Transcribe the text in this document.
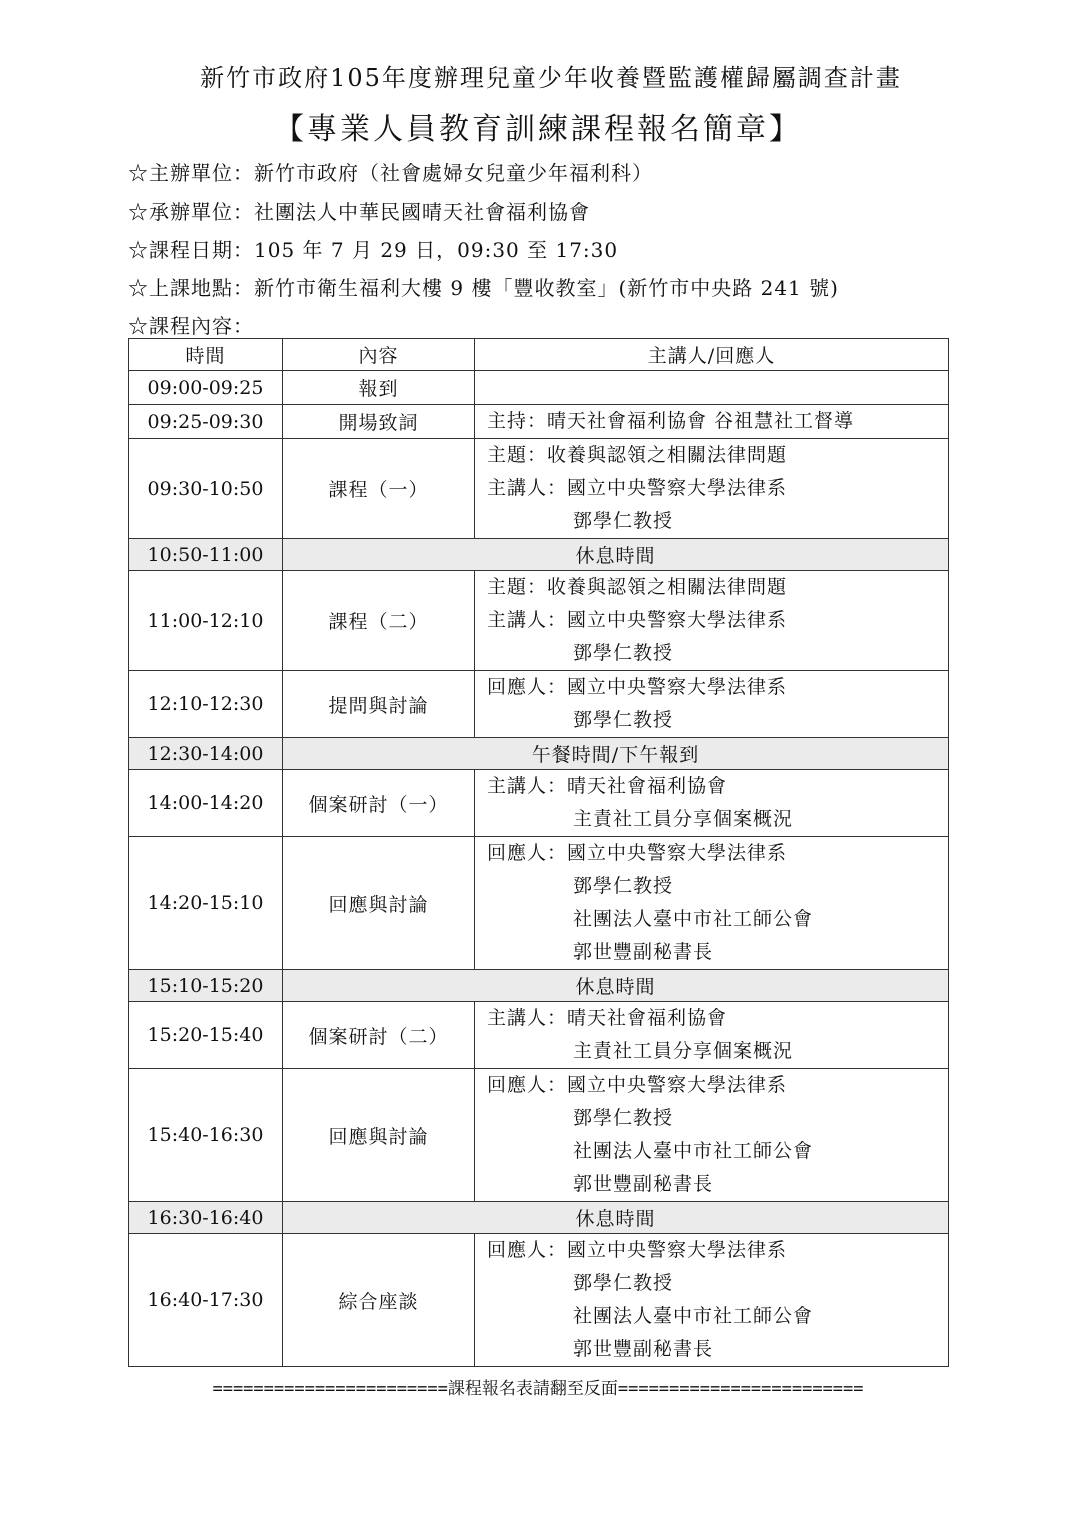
新竹市政府105年度辦理兒童少年收養暨監護權歸屬調查計畫
【專業人員教育訓練課程報名簡章】
☆主辦單位：新竹市政府（社會處婦女兒童少年福利科）
☆承辦單位：社團法人中華民國晴天社會福利協會
☆課程日期：105 年 7 月 29 日，09:30 至 17:30
☆上課地點：新竹市衛生福利大樓 9 樓「豐收教室」(新竹市中央路 241 號)
☆課程內容：
時間	內容	主講人/回應人
09:00-09:25	報到	

09:25-09:30	開場致詞	主持：晴天社會福利協會 谷祖慧社工督導

09:30-10:50	課程（一）	主題：收養與認領之相關法律問題
主講人：國立中央警察大學法律系
鄧學仁教授

10:50-11:00	休息時間	
11:00-12:10	課程（二）	主題：收養與認領之相關法律問題
主講人：國立中央警察大學法律系
鄧學仁教授

12:10-12:30	提問與討論	回應人：國立中央警察大學法律系
鄧學仁教授

12:30-14:00	午餐時間/下午報到	
14:00-14:20	個案研討（一）	主講人：晴天社會福利協會
主責社工員分享個案概況

14:20-15:10	回應與討論	回應人：國立中央警察大學法律系
鄧學仁教授
社團法人臺中市社工師公會
郭世豐副秘書長

15:10-15:20	休息時間	
15:20-15:40	個案研討（二）	主講人：晴天社會福利協會
主責社工員分享個案概況

15:40-16:30	回應與討論	回應人：國立中央警察大學法律系
鄧學仁教授
社團法人臺中市社工師公會
郭世豐副秘書長

16:30-16:40	休息時間	
16:40-17:30	綜合座談	回應人：國立中央警察大學法律系
鄧學仁教授
社團法人臺中市社工師公會
郭世豐副秘書長
=======================課程報名表請翻至反面========================
